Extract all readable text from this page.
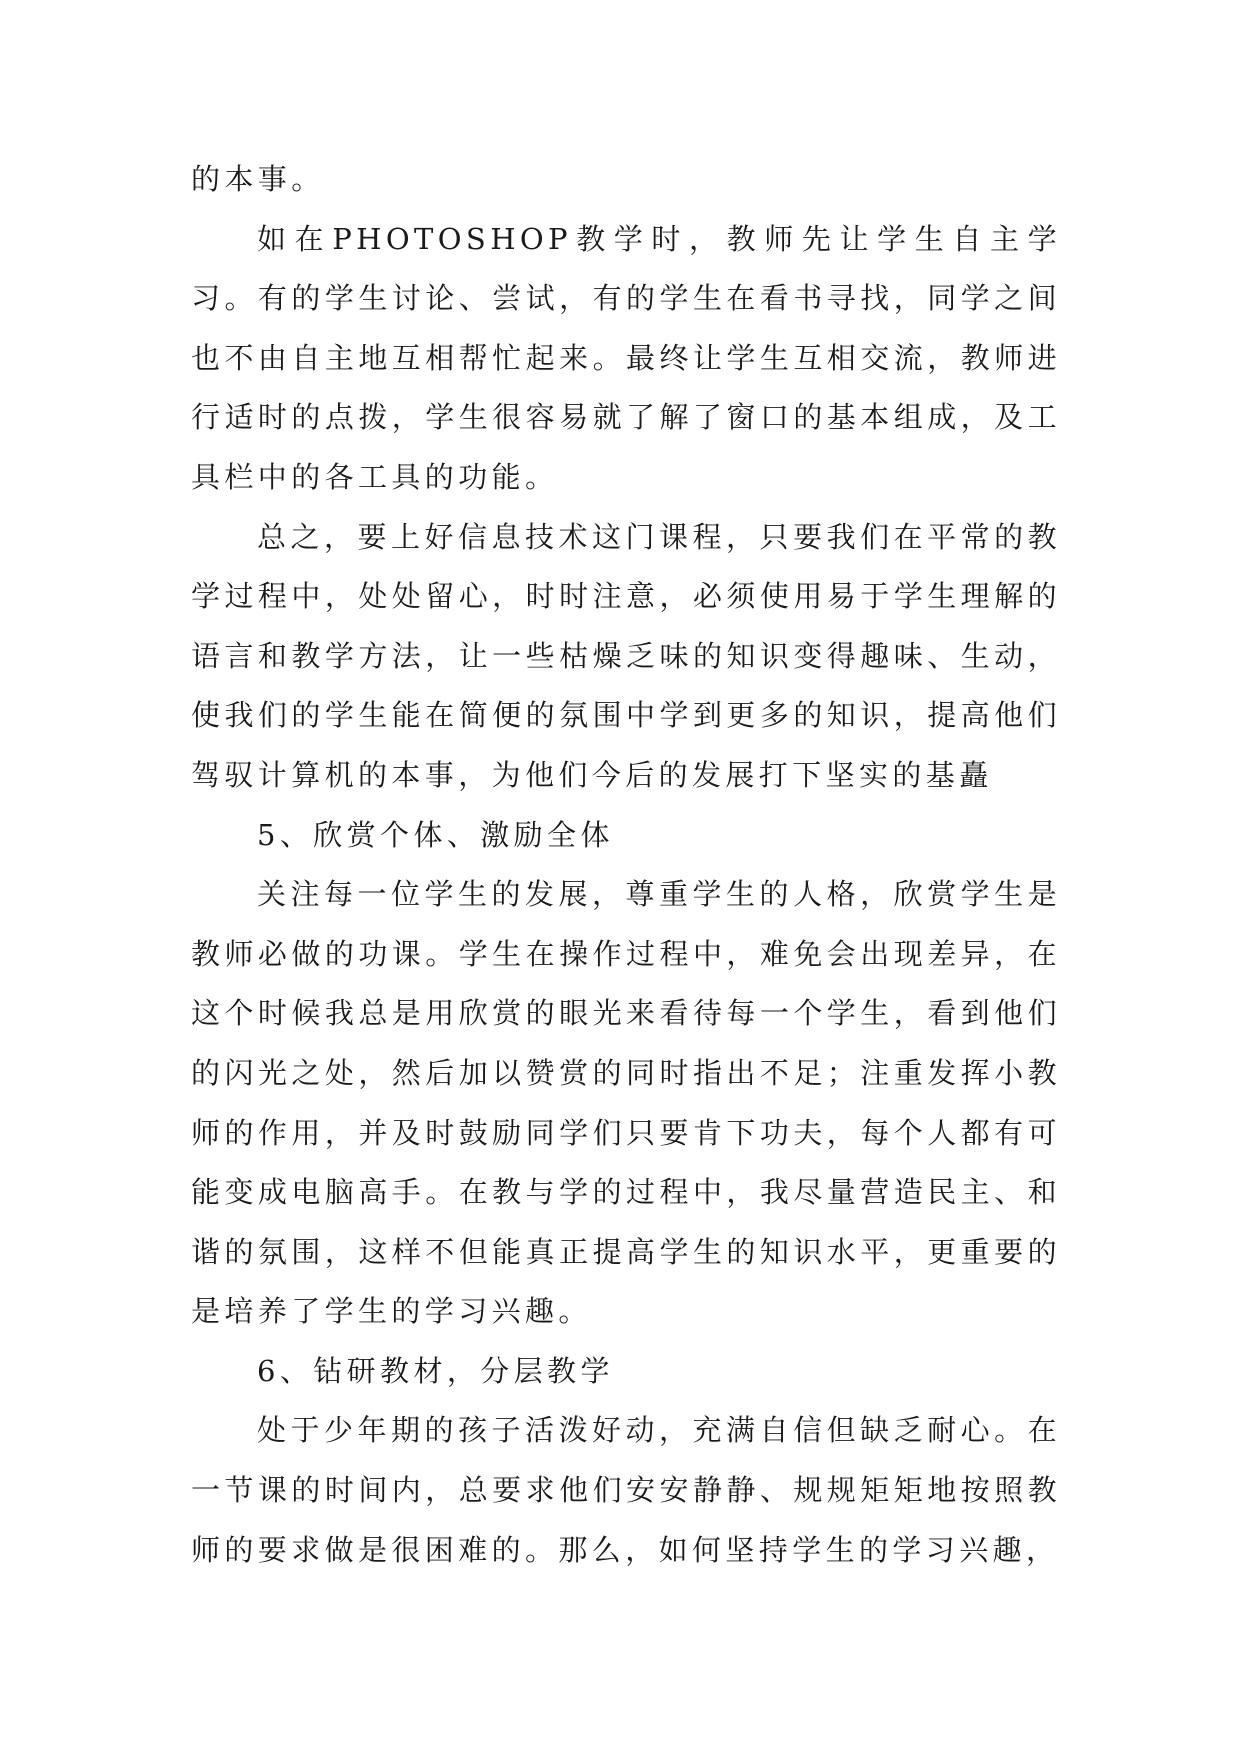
的本事。

如在PHOTOSHOP教学时，教师先让学生自主学习。有的学生讨论、尝试，有的学生在看书寻找，同学之间也不由自主地互相帮忙起来。最终让学生互相交流，教师进行适时的点拨，学生很容易就了解了窗口的基本组成，及工具栏中的各工具的功能。

总之，要上好信息技术这门课程，只要我们在平常的教学过程中，处处留心，时时注意，必须使用易于学生理解的语言和教学方法，让一些枯燥乏味的知识变得趣味、生动，使我们的学生能在简便的氛围中学到更多的知识，提高他们驾驭计算机的本事，为他们今后的发展打下坚实的基矗

5、欣赏个体、激励全体

关注每一位学生的发展，尊重学生的人格，欣赏学生是教师必做的功课。学生在操作过程中，难免会出现差异，在这个时候我总是用欣赏的眼光来看待每一个学生，看到他们的闪光之处，然后加以赞赏的同时指出不足；注重发挥小教师的作用，并及时鼓励同学们只要肯下功夫，每个人都有可能变成电脑高手。在教与学的过程中，我尽量营造民主、和谐的氛围，这样不但能真正提高学生的知识水平，更重要的是培养了学生的学习兴趣。

6、钻研教材，分层教学

处于少年期的孩子活泼好动，充满自信但缺乏耐心。在一节课的时间内，总要求他们安安静静、规规矩矩地按照教师的要求做是很困难的。那么，如何坚持学生的学习兴趣，
